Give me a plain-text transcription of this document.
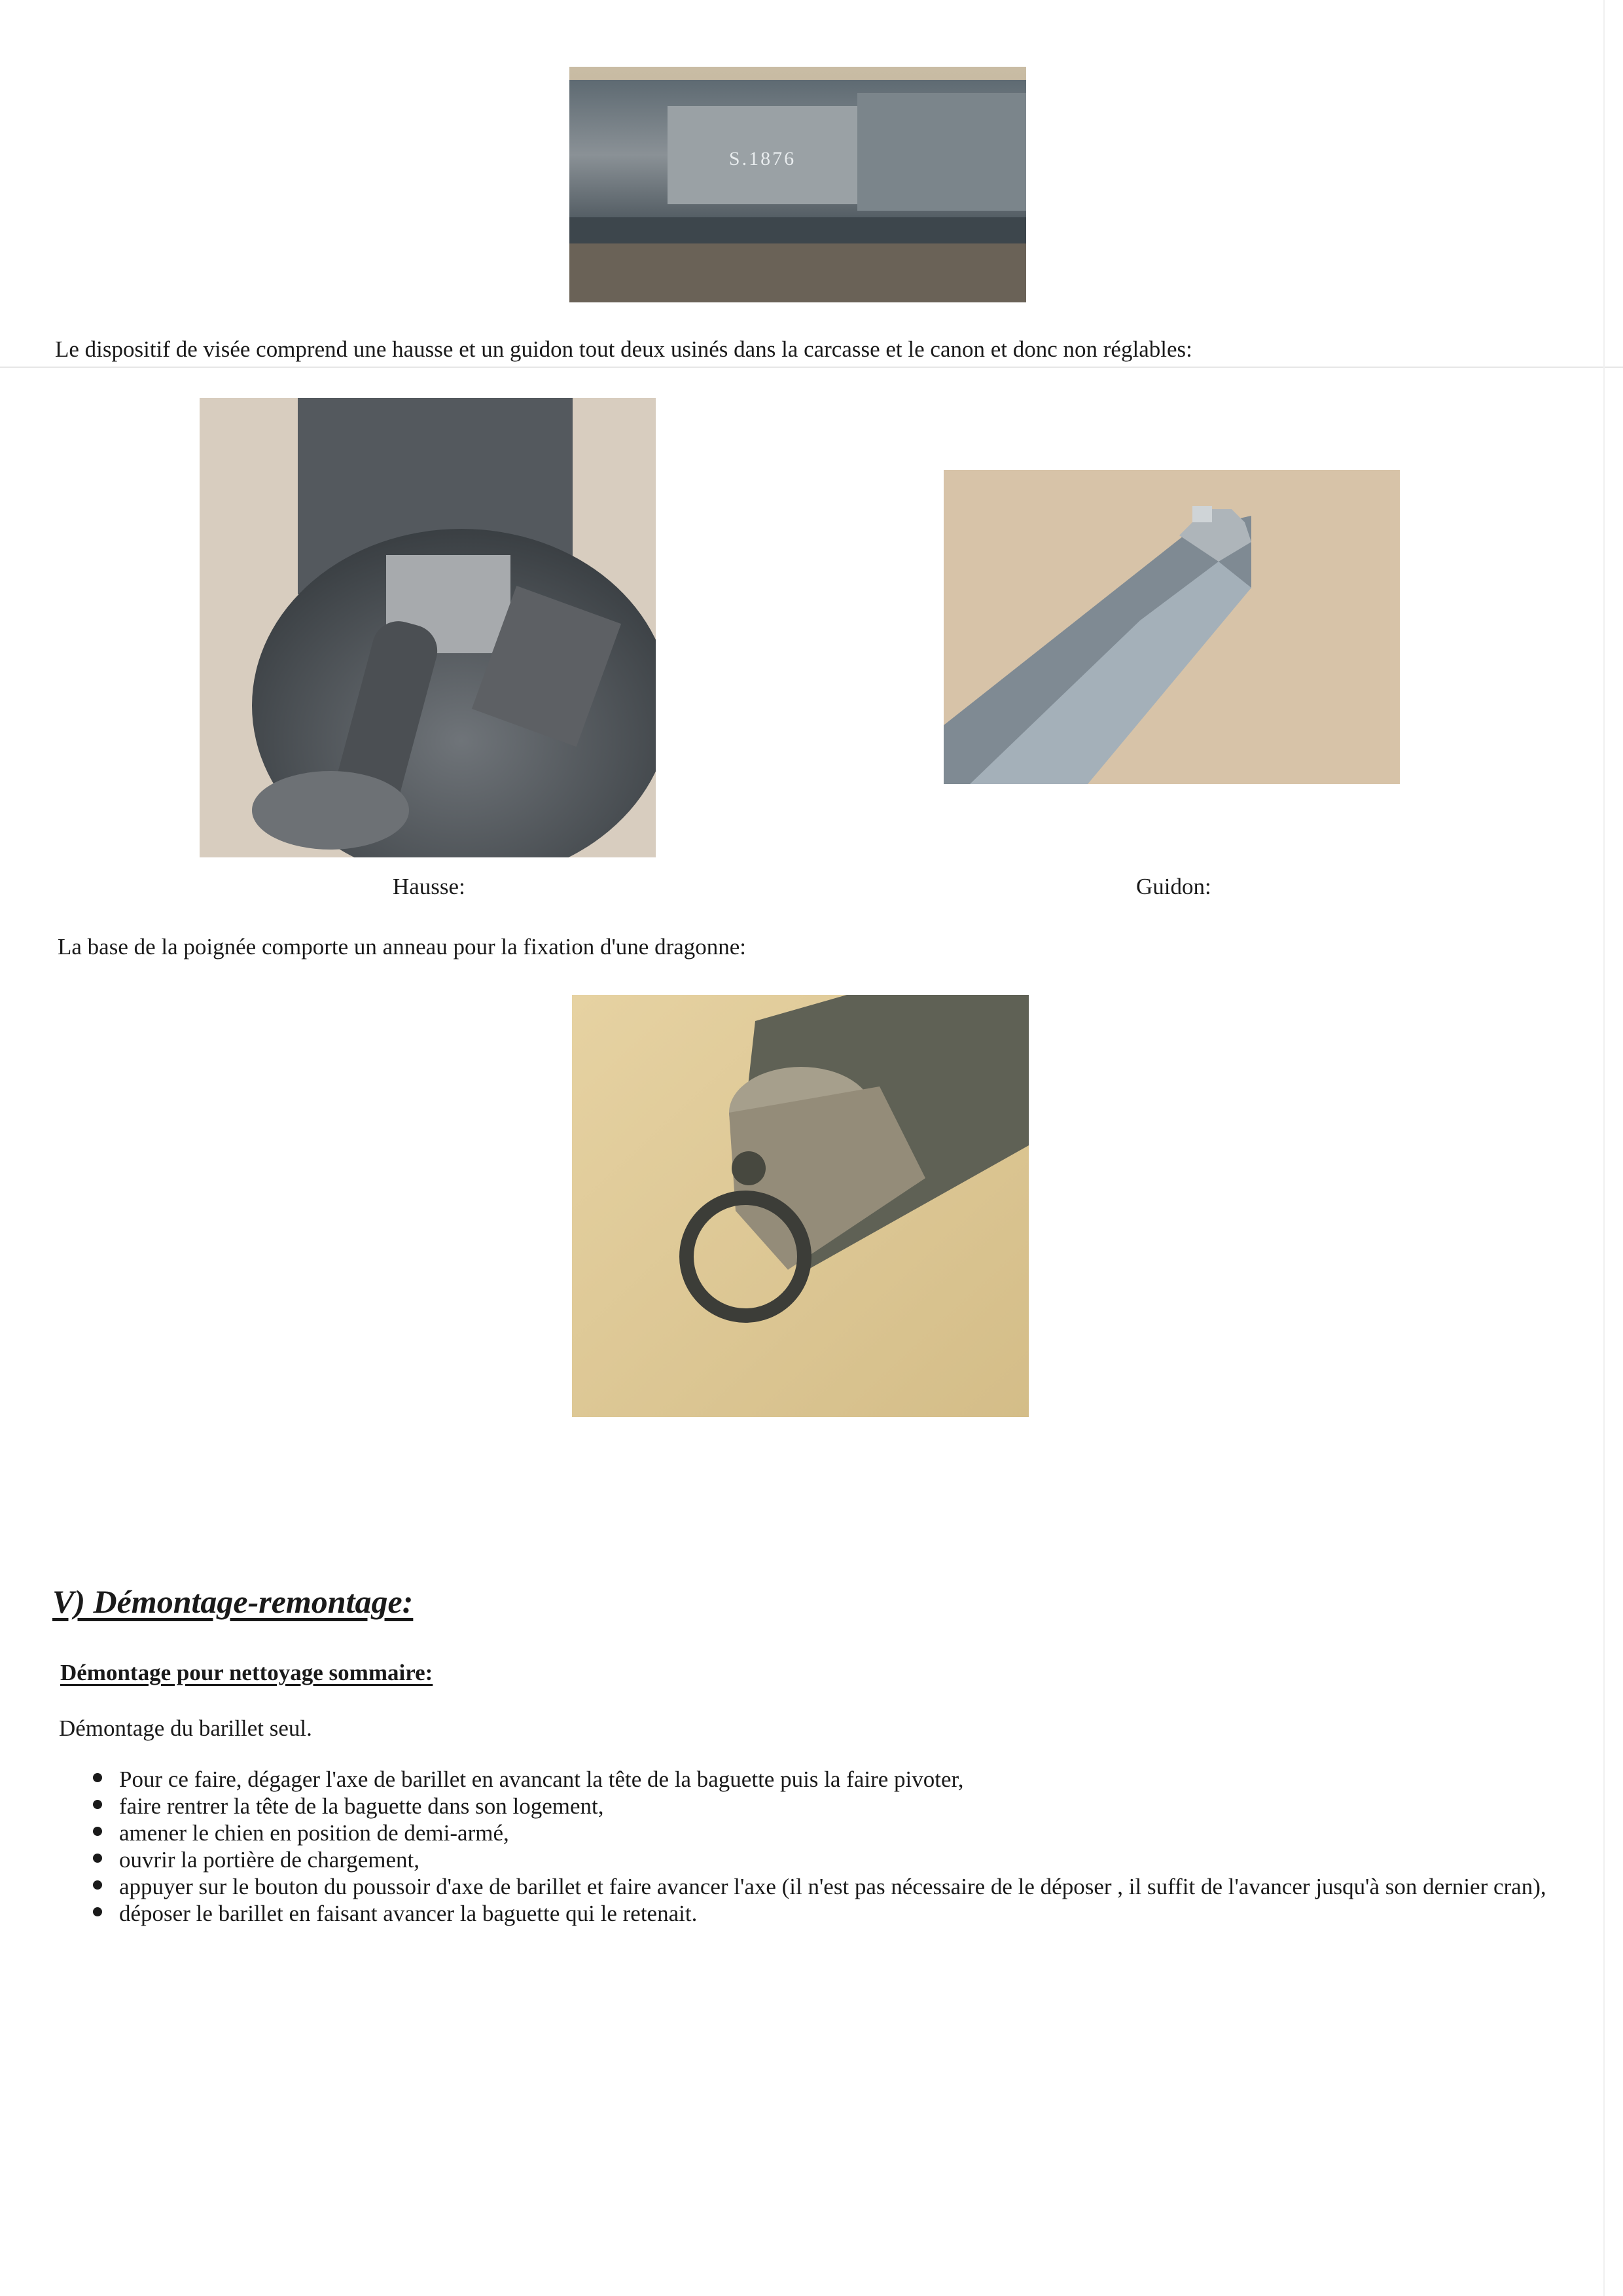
S.1876
Le dispositif de visée comprend une hausse et un guidon tout deux usinés dans la carcasse et le canon et donc non réglables:
Hausse:	Guidon:
La base de la poignée comporte un anneau pour la fixation d'une dragonne:
V) Démontage-remontage:
Démontage pour nettoyage sommaire:
Démontage du barillet seul.
Pour ce faire, dégager l'axe de barillet en avancant la tête de la baguette puis la faire pivoter,
faire rentrer la tête de la baguette dans son logement,
amener le chien en position de demi-armé,
ouvrir la portière de chargement,
appuyer sur le bouton du poussoir d'axe de barillet et faire avancer l'axe (il n'est pas nécessaire de le déposer , il suffit de l'avancer jusqu'à son dernier cran),
déposer le barillet en faisant avancer la baguette qui le retenait.
